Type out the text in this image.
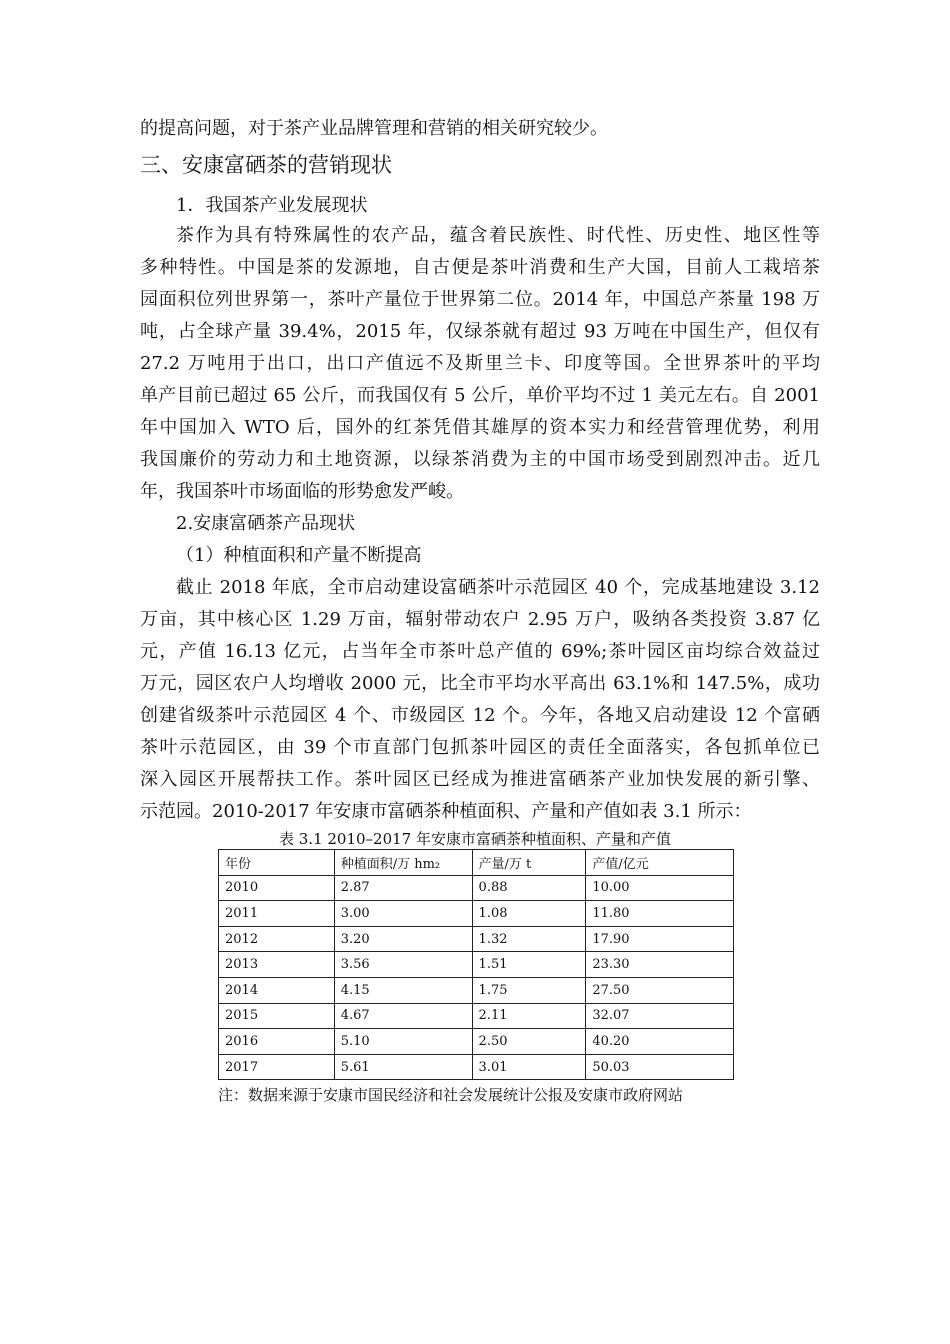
的提高问题，对于茶产业品牌管理和营销的相关研究较少。
三、安康富硒茶的营销现状
1．我国茶产业发展现状
茶作为具有特殊属性的农产品，蕴含着民族性、时代性、历史性、地区性等
多种特性。中国是茶的发源地，自古便是茶叶消费和生产大国，目前人工栽培茶
园面积位列世界第一，茶叶产量位于世界第二位。2014 年，中国总产茶量 198 万
吨，占全球产量 39.4%，2015 年，仅绿茶就有超过 93 万吨在中国生产，但仅有
27.2 万吨用于出口，出口产值远不及斯里兰卡、印度等国。全世界茶叶的平均
单产目前已超过 65 公斤，而我国仅有 5 公斤，单价平均不过 1 美元左右。自 2001
年中国加入 WTO 后，国外的红茶凭借其雄厚的资本实力和经营管理优势，利用
我国廉价的劳动力和土地资源，以绿茶消费为主的中国市场受到剧烈冲击。近几
年，我国茶叶市场面临的形势愈发严峻。
2.安康富硒茶产品现状
（1）种植面积和产量不断提高
截止 2018 年底，全市启动建设富硒茶叶示范园区 40 个，完成基地建设 3.12
万亩，其中核心区 1.29 万亩，辐射带动农户 2.95 万户，吸纳各类投资 3.87 亿
元，产值 16.13 亿元，占当年全市茶叶总产值的 69%;茶叶园区亩均综合效益过
万元，园区农户人均增收 2000 元，比全市平均水平高出 63.1%和 147.5%，成功
创建省级茶叶示范园区 4 个、市级园区 12 个。今年，各地又启动建设 12 个富硒
茶叶示范园区，由 39 个市直部门包抓茶叶园区的责任全面落实，各包抓单位已
深入园区开展帮扶工作。茶叶园区已经成为推进富硒茶产业加快发展的新引擎、
示范园。2010-2017 年安康市富硒茶种植面积、产量和产值如表 3.1 所示：
表 3.1 2010–2017 年安康市富硒茶种植面积、产量和产值
年份	种植面积/万 hm₂	产量/万 t	产值/亿元
2010	2.87	0.88	10.00
2011	3.00	1.08	11.80
2012	3.20	1.32	17.90
2013	3.56	1.51	23.30
2014	4.15	1.75	27.50
2015	4.67	2.11	32.07
2016	5.10	2.50	40.20
2017	5.61	3.01	50.03
注：数据来源于安康市国民经济和社会发展统计公报及安康市政府网站
